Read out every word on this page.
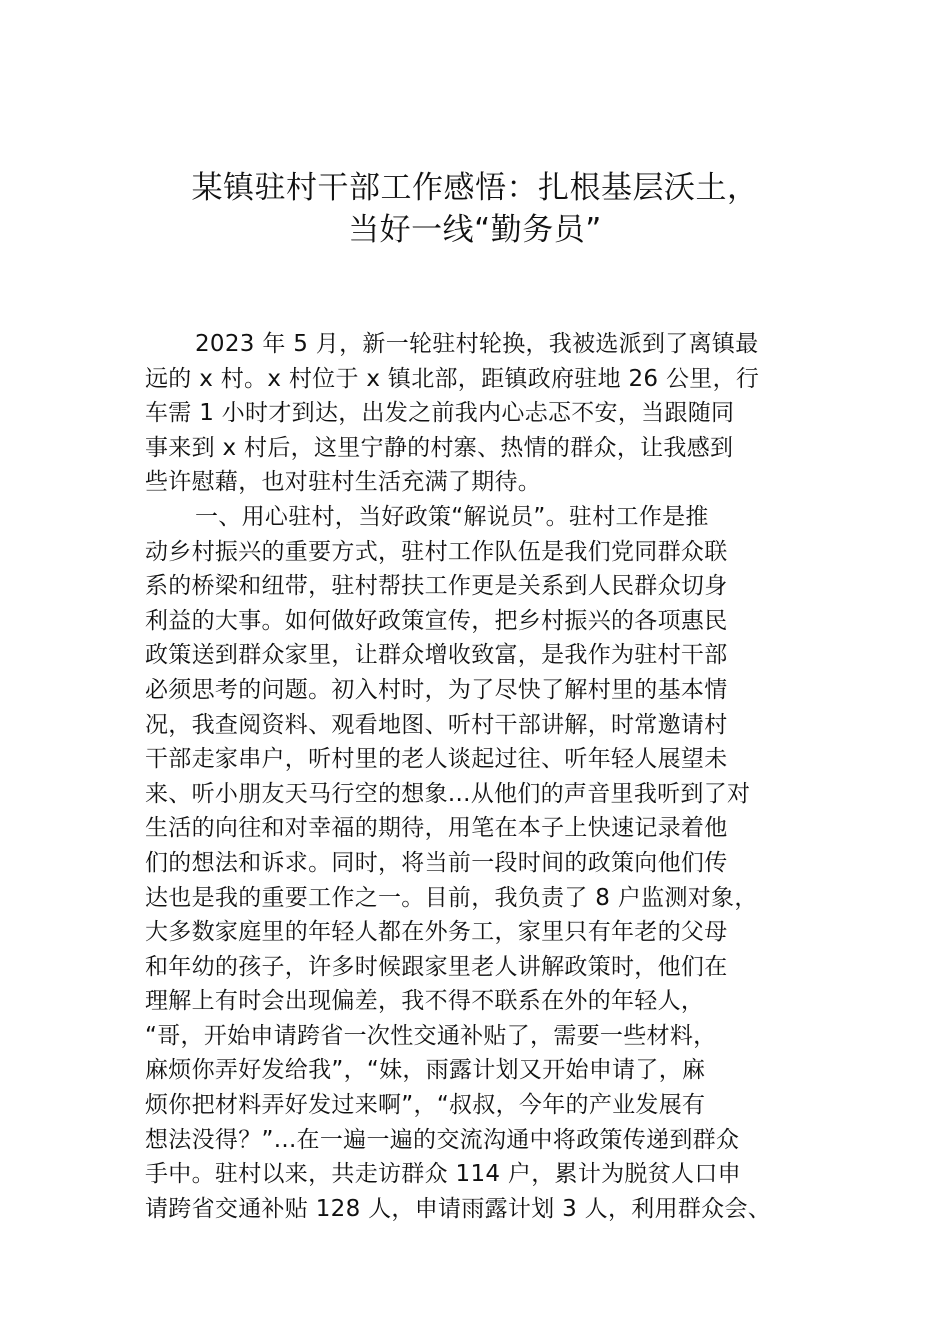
某镇驻村干部工作感悟：扎根基层沃土，
当好一线“勤务员”
2023 年 5 月，新一轮驻村轮换，我被选派到了离镇最
远的 x 村。x 村位于 x 镇北部，距镇政府驻地 26 公里，行
车需 1 小时才到达，出发之前我内心忐忑不安，当跟随同
事来到 x 村后，这里宁静的村寨、热情的群众，让我感到
些许慰藉，也对驻村生活充满了期待。
一、用心驻村，当好政策“解说员”。驻村工作是推
动乡村振兴的重要方式，驻村工作队伍是我们党同群众联
系的桥梁和纽带，驻村帮扶工作更是关系到人民群众切身
利益的大事。如何做好政策宣传，把乡村振兴的各项惠民
政策送到群众家里，让群众增收致富，是我作为驻村干部
必须思考的问题。初入村时，为了尽快了解村里的基本情
况，我查阅资料、观看地图、听村干部讲解，时常邀请村
干部走家串户，听村里的老人谈起过往、听年轻人展望未
来、听小朋友天马行空的想象...从他们的声音里我听到了对
生活的向往和对幸福的期待，用笔在本子上快速记录着他
们的想法和诉求。同时，将当前一段时间的政策向他们传
达也是我的重要工作之一。目前，我负责了 8 户监测对象，
大多数家庭里的年轻人都在外务工，家里只有年老的父母
和年幼的孩子，许多时候跟家里老人讲解政策时，他们在
理解上有时会出现偏差，我不得不联系在外的年轻人，
“哥，开始申请跨省一次性交通补贴了，需要一些材料，
麻烦你弄好发给我”，“妹，雨露计划又开始申请了，麻
烦你把材料弄好发过来啊”，“叔叔，今年的产业发展有
想法没得？”...在一遍一遍的交流沟通中将政策传递到群众
手中。驻村以来，共走访群众 114 户，累计为脱贫人口申
请跨省交通补贴 128 人，申请雨露计划 3 人，利用群众会、
